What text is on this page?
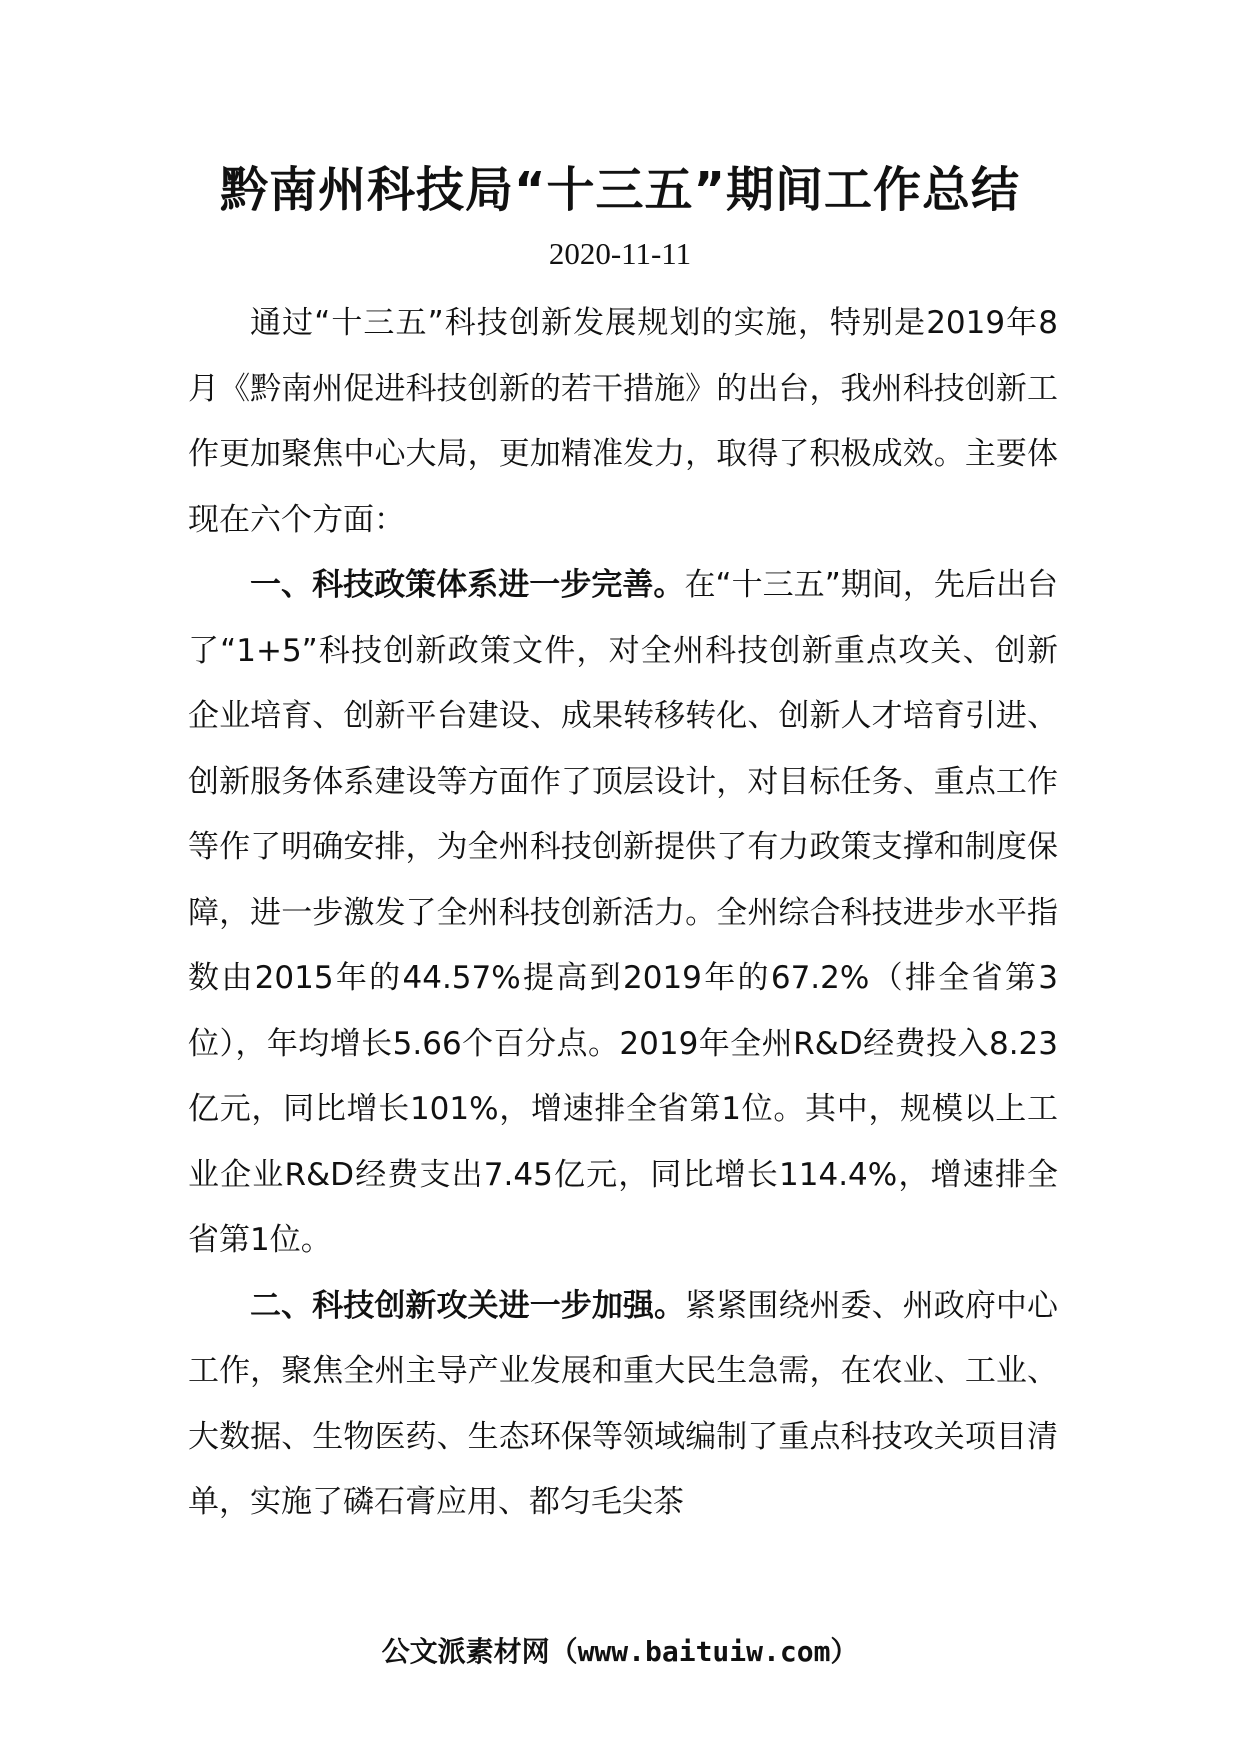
黔南州科技局“十三五”期间工作总结
2020-11-11

通过“十三五”科技创新发展规划的实施，特别是2019年8月《黔南州促进科技创新的若干措施》的出台，我州科技创新工作更加聚焦中心大局，更加精准发力，取得了积极成效。主要体现在六个方面：

一、科技政策体系进一步完善。在“十三五”期间，先后出台了“1+5”科技创新政策文件，对全州科技创新重点攻关、创新企业培育、创新平台建设、成果转移转化、创新人才培育引进、创新服务体系建设等方面作了顶层设计，对目标任务、重点工作等作了明确安排，为全州科技创新提供了有力政策支撑和制度保障，进一步激发了全州科技创新活力。全州综合科技进步水平指数由2015年的44.57%提高到2019年的67.2%（排全省第3位），年均增长5.66个百分点。2019年全州R&D经费投入8.23亿元，同比增长101%，增速排全省第1位。其中，规模以上工业企业R&D经费支出7.45亿元，同比增长114.4%，增速排全省第1位。

二、科技创新攻关进一步加强。紧紧围绕州委、州政府中心工作，聚焦全州主导产业发展和重大民生急需，在农业、工业、大数据、生物医药、生态环保等领域编制了重点科技攻关项目清单，实施了磷石膏应用、都匀毛尖茶

公文派素材网（www.baituiw.com）
